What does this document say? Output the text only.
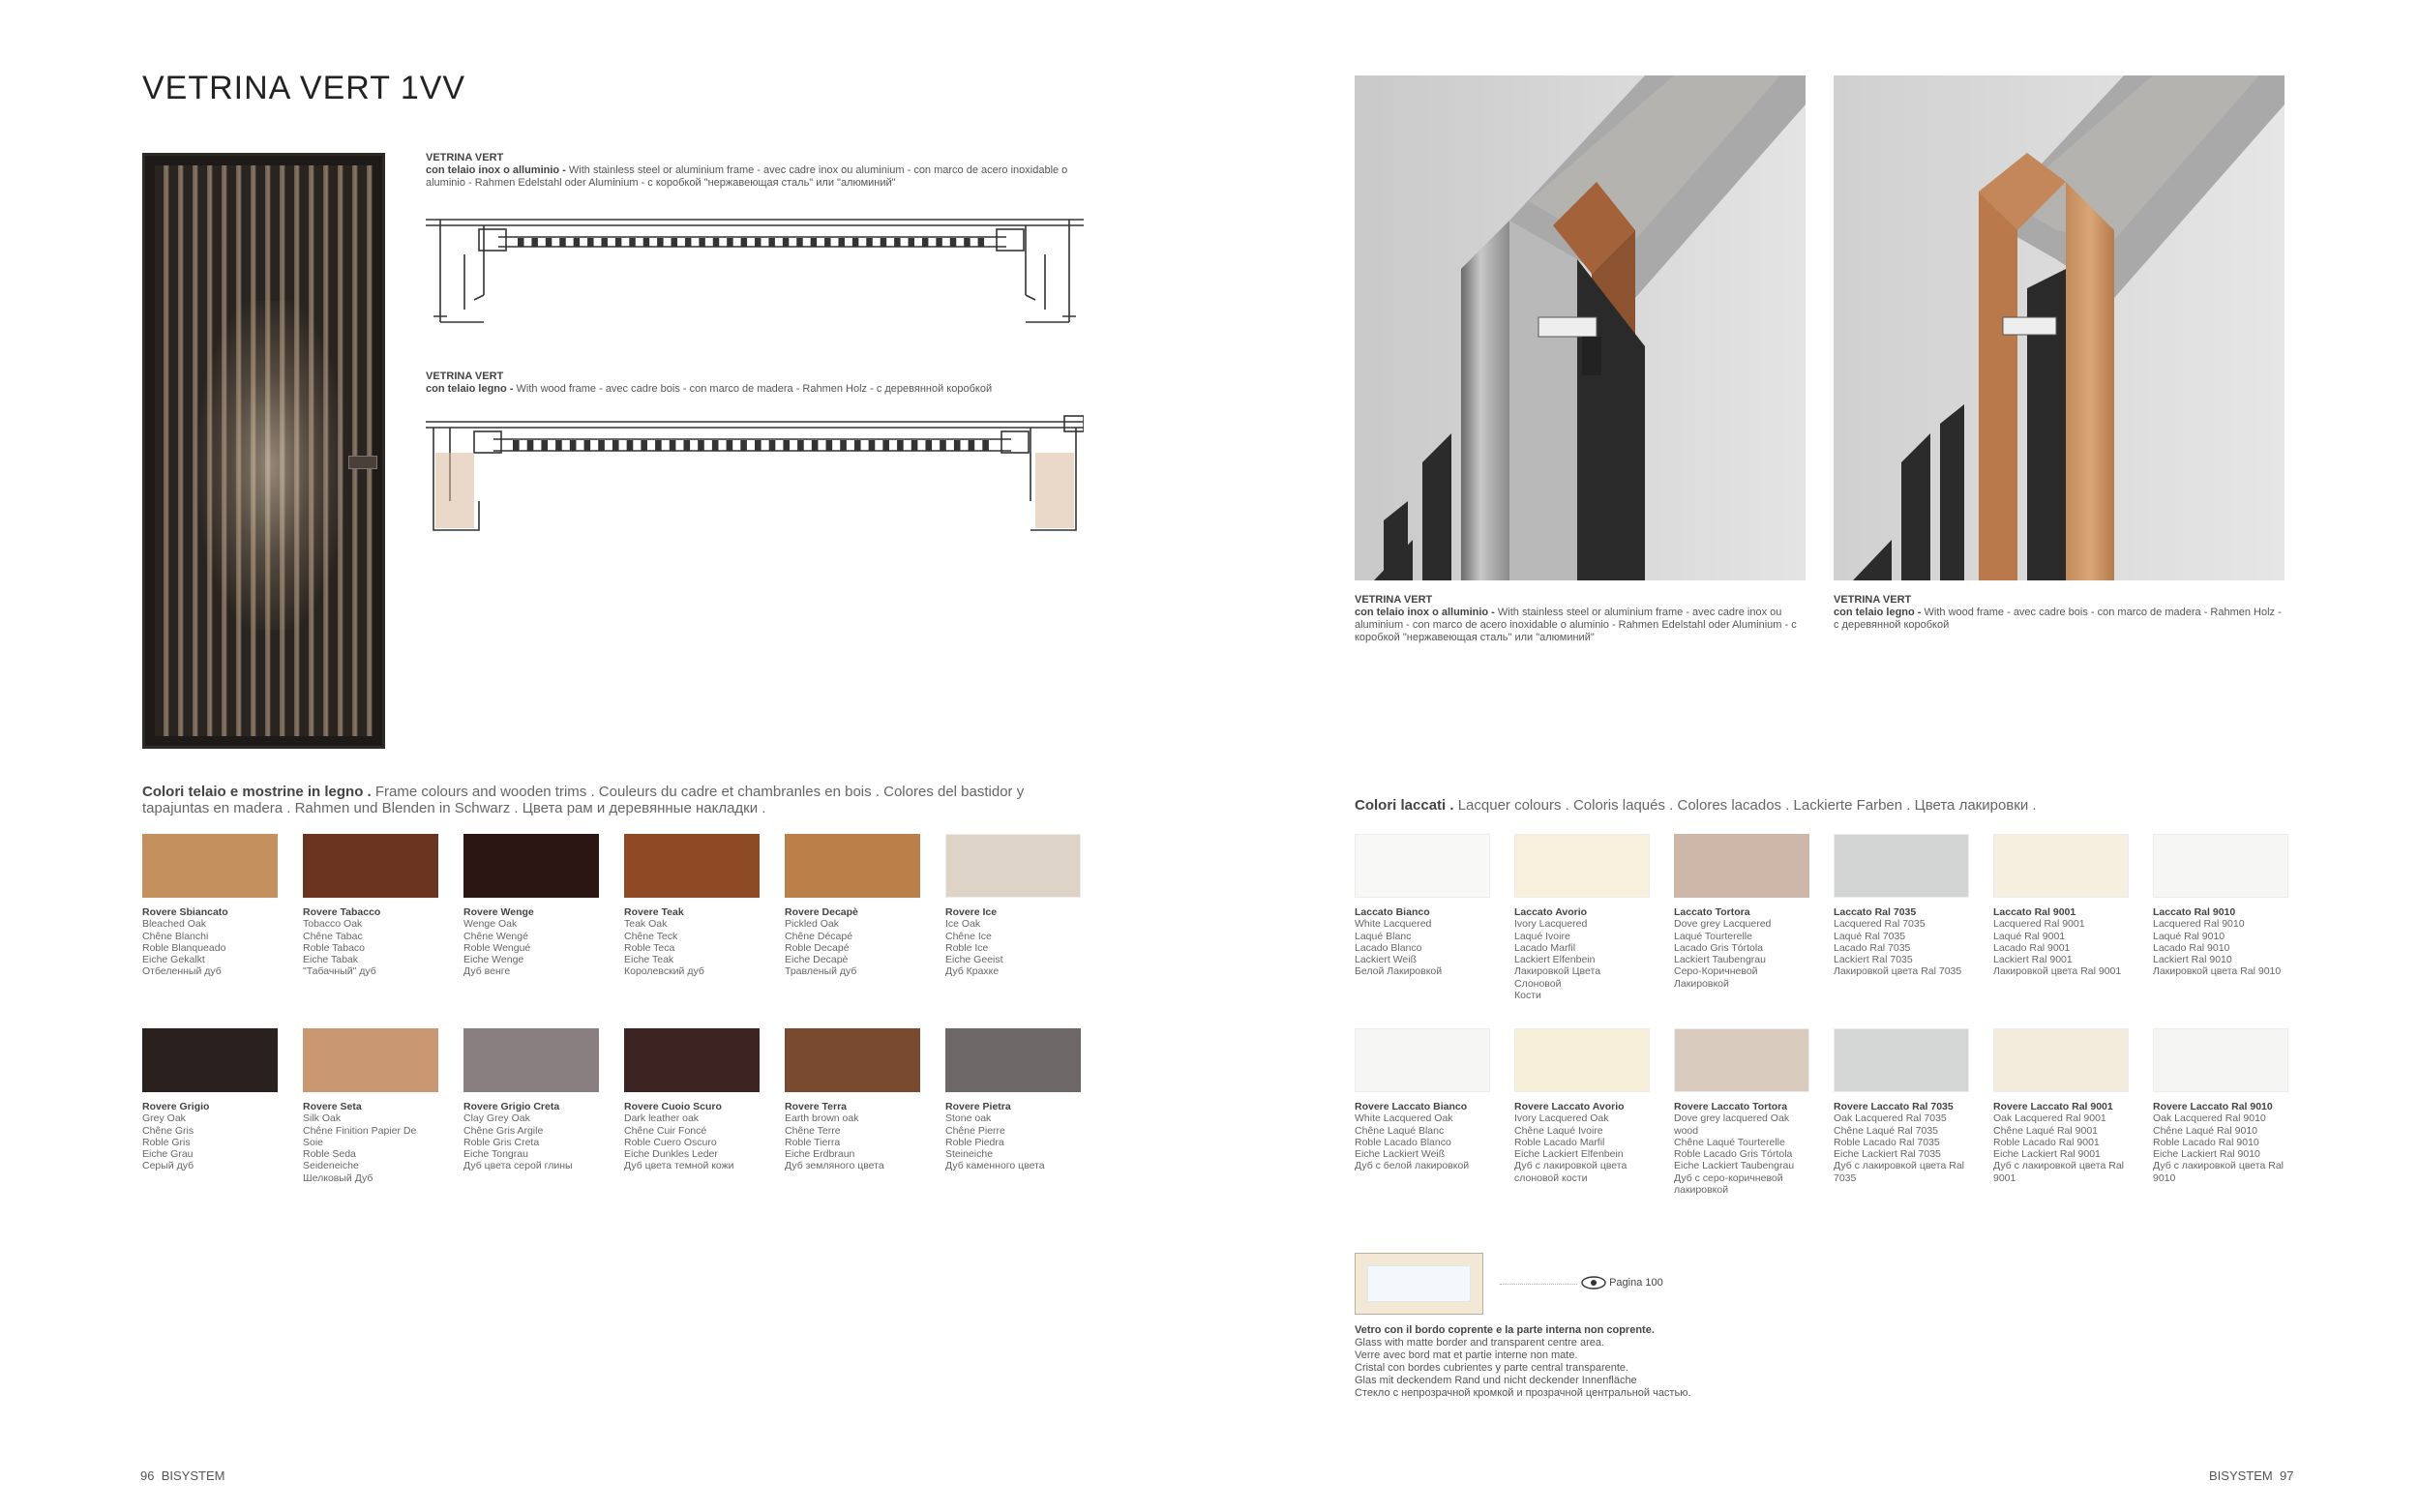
VETRINA VERT 1VV
VETRINA VERT
con telaio inox o alluminio - With stainless steel or aluminium frame - avec cadre inox ou aluminium - con marco de acero inoxidable o aluminio - Rahmen Edelstahl oder Aluminium - с коробкой "нержавеющая сталь" или "алюминий"
VETRINA VERT
con telaio legno - With wood frame - avec cadre bois - con marco de madera - Rahmen Holz - с деревянной коробкой
Colori telaio e mostrine in legno . Frame colours and wooden trims . Couleurs du cadre et chambranles en bois . Colores del bastidor y tapajuntas en madera . Rahmen und Blenden in Schwarz . Цвета рам и деревянные накладки .
Rovere Sbiancato
Bleached Oak
Chêne Blanchi
Roble Blanqueado
Eiche Gekalkt
Отбеленный дуб
Rovere Tabacco
Tobacco Oak
Chêne Tabac
Roble Tabaco
Eiche Tabak
"Табачный" дуб
Rovere Wenge
Wenge Oak
Chêne Wengé
Roble Wengué
Eiche Wenge
Дуб венге
Rovere Teak
Teak Oak
Chêne Teck
Roble Teca
Eiche Teak
Королевский дуб
Rovere Decapè
Pickled Oak
Chêne Décapé
Roble Decapé
Eiche Decapè
Травленый дуб
Rovere Ice
Ice Oak
Chêne Ice
Roble Ice
Eiche Geeist
Дуб Крахке
Rovere Grigio
Grey Oak
Chêne Gris
Roble Gris
Eiche Grau
Серый дуб
Rovere Seta
Silk Oak
Chêne Finition Papier De Soie
Roble Seda
Seideneiche
Шелковый Дуб
Rovere Grigio Creta
Clay Grey Oak
Chêne Gris Argile
Roble Gris Creta
Eiche Tongrau
Дуб цвета серой глины
Rovere Cuoio Scuro
Dark leather oak
Chêne Cuir Foncé
Roble Cuero Oscuro
Eiche Dunkles Leder
Дуб цвета темной кожи
Rovere Terra
Earth brown oak
Chêne Terre
Roble Tierra
Eiche Erdbraun
Дуб земляного цвета
Rovere Pietra
Stone oak
Chêne Pierre
Roble Piedra
Steineiche
Дуб каменного цвета
96 BISYSTEM
VETRINA VERT
con telaio inox o alluminio - With stainless steel or aluminium frame - avec cadre inox ou aluminium - con marco de acero inoxidable o aluminio - Rahmen Edelstahl oder Aluminium - с коробкой "нержавеющая сталь" или "алюминий"
VETRINA VERT
con telaio legno - With wood frame - avec cadre bois - con marco de madera - Rahmen Holz - с деревянной коробкой
Colori laccati . Lacquer colours . Coloris laqués . Colores lacados . Lackierte Farben . Цвета лакировки .
Laccato Bianco
White Lacquered
Laqué Blanc
Lacado Blanco
Lackiert Weiß
Белой Лакировкой
Laccato Avorio
Ivory Lacquered
Laqué Ivoire
Lacado Marfil
Lackiert Elfenbein
Лакировкой Цвета Слоновой
Кости
Laccato Tortora
Dove grey Lacquered
Laqué Tourterelle
Lacado Gris Tórtola
Lackiert Taubengrau
Серо-Коричневой
Лакировкой
Laccato Ral 7035
Lacquered Ral 7035
Laqué Ral 7035
Lacado Ral 7035
Lackiert Ral 7035
Лакировкой цвета Ral 7035
Laccato Ral 9001
Lacquered Ral 9001
Laqué Ral 9001
Lacado Ral 9001
Lackiert Ral 9001
Лакировкой цвета Ral 9001
Laccato Ral 9010
Lacquered Ral 9010
Laqué Ral 9010
Lacado Ral 9010
Lackiert Ral 9010
Лакировкой цвета Ral 9010
Rovere Laccato Bianco
White Lacquered Oak
Chêne Laqué Blanc
Roble Lacado Blanco
Eiche Lackiert Weiß
Дуб с белой лакировкой
Rovere Laccato Avorio
Ivory Lacquered Oak
Chêne Laqué Ivoire
Roble Lacado Marfil
Eiche Lackiert Elfenbein
Дуб с лакировкой цвета
слоновой кости
Rovere Laccato Tortora
Dove grey lacquered Oak wood
Chêne Laqué Tourterelle
Roble Lacado Gris Tórtola
Eiche Lackiert Taubengrau
Дуб с серо-коричневой
лакировкой
Rovere Laccato Ral 7035
Oak Lacquered Ral 7035
Chêne Laqué Ral 7035
Roble Lacado Ral 7035
Eiche Lackiert Ral 7035
Дуб с лакировкой цвета Ral 7035
Rovere Laccato Ral 9001
Oak Lacquered Ral 9001
Chêne Laqué Ral 9001
Roble Lacado Ral 9001
Eiche Lackiert Ral 9001
Дуб с лакировкой цвета Ral 9001
Rovere Laccato Ral 9010
Oak Lacquered Ral 9010
Chêne Laqué Ral 9010
Roble Lacado Ral 9010
Eiche Lackiert Ral 9010
Дуб с лакировкой цвета Ral 9010
Pagina 100
Vetro con il bordo coprente e la parte interna non coprente.
Glass with matte border and transparent centre area.
Verre avec bord mat et partie interne non mate.
Cristal con bordes cubrientes y parte central transparente.
Glas mit deckendem Rand und nicht deckender Innenfläche
Стекло с непрозрачной кромкой и прозрачной центральной частью.
BISYSTEM 97
